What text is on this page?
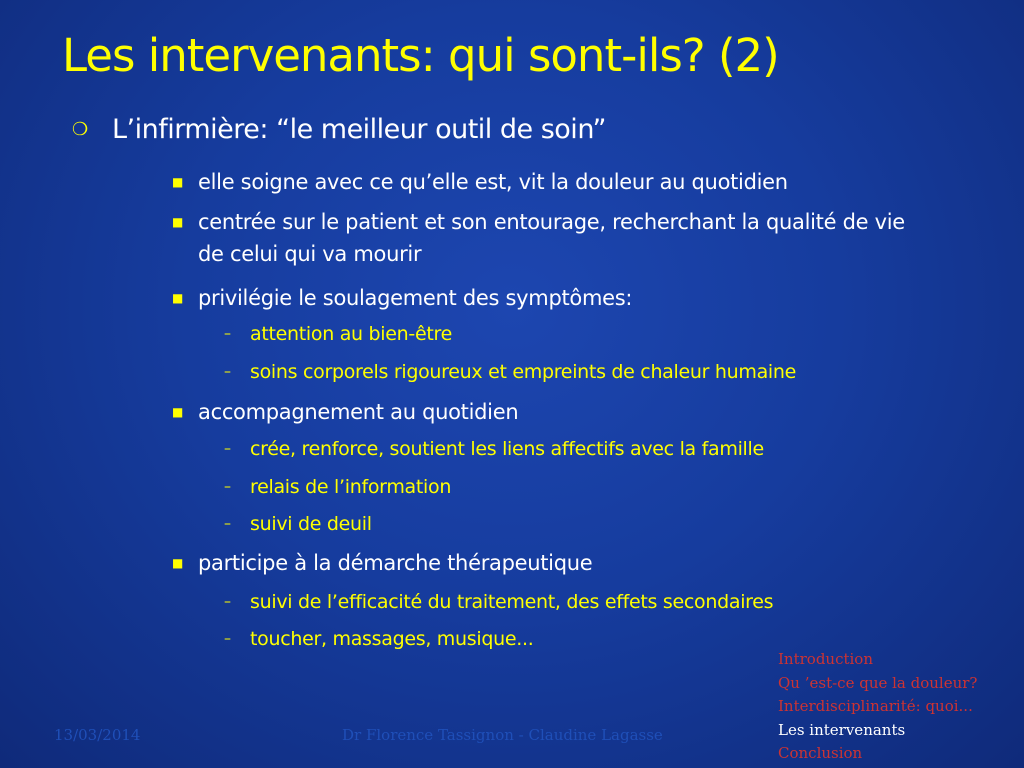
Les intervenants: qui sont-ils? (2)
❍ L’infirmière: “le meilleur outil de soin”
■ elle soigne avec ce qu’elle est, vit la douleur au quotidien
■ centrée sur le patient et son entourage, recherchant la qualité de vie de celui qui va mourir
■ privilégie le soulagement des symptômes:
–	attention au bien-être
–	soins corporels rigoureux et empreints de chaleur humaine
■ accompagnement au quotidien
–	crée, renforce, soutient les liens affectifs avec la famille
–	relais de l’information
–	suivi de deuil
■ participe à la démarche thérapeutique
–	suivi de l’efficacité du traitement, des effets secondaires
–	toucher, massages, musique...
13/03/2014	Dr Florence Tassignon - Claudine Lagasse
Introduction
Qu ’est-ce que la douleur?
Interdisciplinarité: quoi...
Les intervenants
Conclusion
